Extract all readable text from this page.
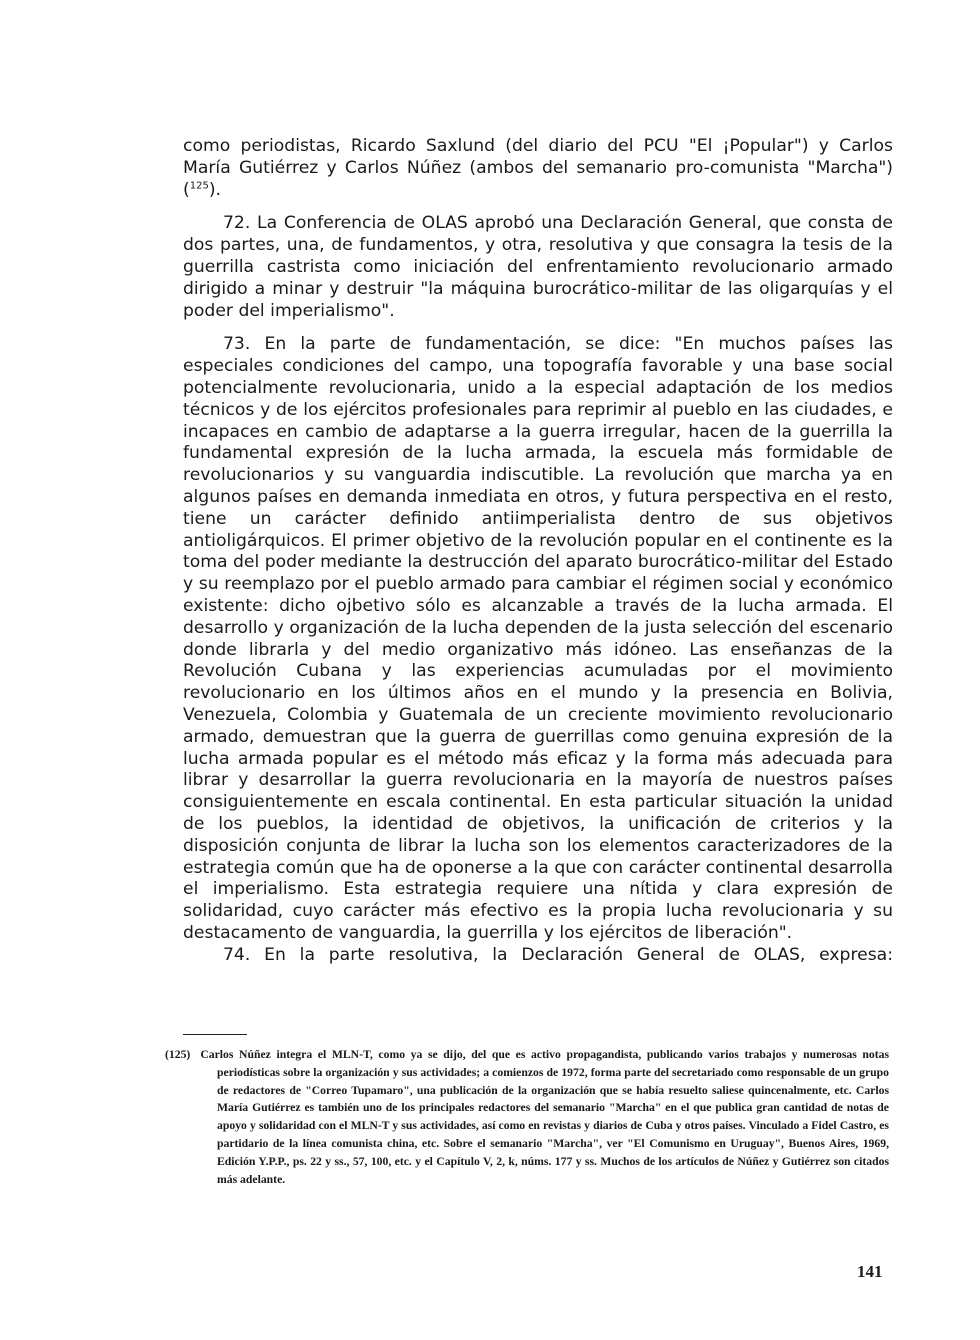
como periodistas, Ricardo Saxlund (del diario del PCU "El ¡Popular") y Carlos María Gutiérrez y Carlos Núñez (ambos del semanario pro-comunista "Marcha") ($^{125}$).

72. La Conferencia de OLAS aprobó una Declaración General, que consta de dos partes, una, de fundamentos, y otra, resolutiva y que consagra la tesis de la guerrilla castrista como iniciación del enfrentamiento revolucionario armado dirigido a minar y destruir "la máquina burocrático-militar de las oligarquías y el poder del imperialismo".

73. En la parte de fundamentación, se dice: "En muchos países las especiales condiciones del campo, una topografía favorable y una base social potencialmente revolucionaria, unido a la especial adaptación de los medios técnicos y de los ejércitos profesionales para reprimir al pueblo en las ciudades, e incapaces en cambio de adaptarse a la guerra irregular, hacen de la guerrilla la fundamental expresión de la lucha armada, la escuela más formidable de revolucionarios y su vanguardia indiscutible. La revolución que marcha ya en algunos países en demanda inmediata en otros, y futura perspectiva en el resto, tiene un carácter definido antiimperialista dentro de sus objetivos antioligárquicos. El primer objetivo de la revolución popular en el continente es la toma del poder mediante la destrucción del aparato burocrático-militar del Estado y su reemplazo por el pueblo armado para cambiar el régimen social y económico existente: dicho ojbetivo sólo es alcanzable a través de la lucha armada. El desarrollo y organización de la lucha dependen de la justa selección del escenario donde librarla y del medio organizativo más idóneo. Las enseñanzas de la Revolución Cubana y las experiencias acumuladas por el movimiento revolucionario en los últimos años en el mundo y la presencia en Bolivia, Venezuela, Colombia y Guatemala de un creciente movimiento revolucionario armado, demuestran que la guerra de guerrillas como genuina expresión de la lucha armada popular es el método más eficaz y la forma más adecuada para librar y desarrollar la guerra revolucionaria en la mayoría de nuestros países consiguientemente en escala continental. En esta particular situación la unidad de los pueblos, la identidad de objetivos, la unificación de criterios y la disposición conjunta de librar la lucha son los elementos caracterizadores de la estrategia común que ha de oponerse a la que con carácter continental desarrolla el imperialismo. Esta estrategia requiere una nítida y clara expresión de solidaridad, cuyo carácter más efectivo es la propia lucha revolucionaria y su destacamento de vanguardia, la guerrilla y los ejércitos de liberación".

74. En la parte resolutiva, la Declaración General de OLAS, expresa:

(125) Carlos Núñez integra el MLN-T, como ya se dijo, del que es activo propagandista, publicando varios trabajos y numerosas notas periodísticas sobre la organización y sus actividades; a comienzos de 1972, forma parte del secretariado como responsable de un grupo de redactores de "Correo Tupamaro", una publicación de la organización que se había resuelto saliese quincenalmente, etc. Carlos María Gutiérrez es también uno de los principales redactores del semanario "Marcha" en el que publica gran cantidad de notas de apoyo y solidaridad con el MLN-T y sus actividades, así como en revistas y diarios de Cuba y otros países. Vinculado a Fidel Castro, es partidario de la línea comunista china, etc. Sobre el semanario "Marcha", ver "El Comunismo en Uruguay", Buenos Aires, 1969, Edición Y.P.P., ps. 22 y ss., 57, 100, etc. y el Capítulo V, 2, k, núms. 177 y ss. Muchos de los artículos de Núñez y Gutiérrez son citados más adelante.

141
